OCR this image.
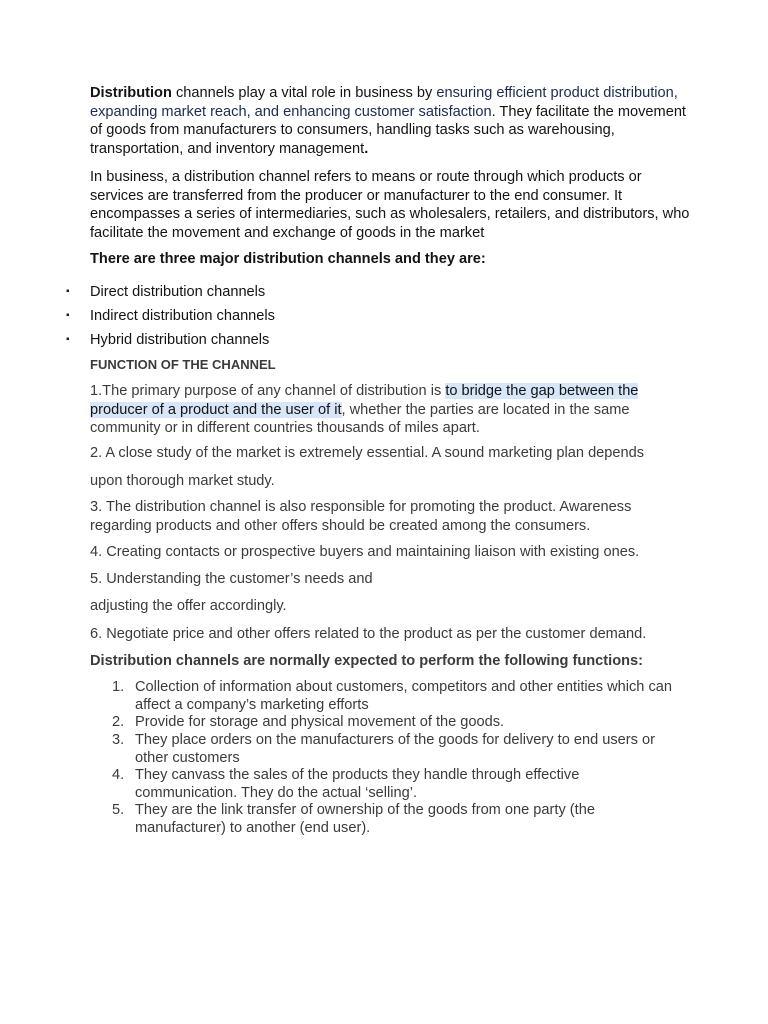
Distribution channels play a vital role in business by ensuring efficient product distribution, expanding market reach, and enhancing customer satisfaction. They facilitate the movement of goods from manufacturers to consumers, handling tasks such as warehousing, transportation, and inventory management.

In business, a distribution channel refers to means or route through which products or services are transferred from the producer or manufacturer to the end consumer. It encompasses a series of intermediaries, such as wholesalers, retailers, and distributors, who facilitate the movement and exchange of goods in the market

There are three major distribution channels and they are:

▪ Direct distribution channels
▪ Indirect distribution channels
▪ Hybrid distribution channels

FUNCTION OF THE CHANNEL

1.The primary purpose of any channel of distribution is to bridge the gap between the producer of a product and the user of it, whether the parties are located in the same community or in different countries thousands of miles apart.

2. A close study of the market is extremely essential. A sound marketing plan depends

upon thorough market study.

3. The distribution channel is also responsible for promoting the product. Awareness regarding products and other offers should be created among the consumers.

4. Creating contacts or prospective buyers and maintaining liaison with existing ones.

5. Understanding the customer’s needs and

adjusting the offer accordingly.

6. Negotiate price and other offers related to the product as per the customer demand.

Distribution channels are normally expected to perform the following functions:

1. Collection of information about customers, competitors and other entities which can affect a company’s marketing efforts
2. Provide for storage and physical movement of the goods.
3. They place orders on the manufacturers of the goods for delivery to end users or other customers
4. They canvass the sales of the products they handle through effective communication. They do the actual ‘selling’.
5. They are the link transfer of ownership of the goods from one party (the manufacturer) to another (end user).
